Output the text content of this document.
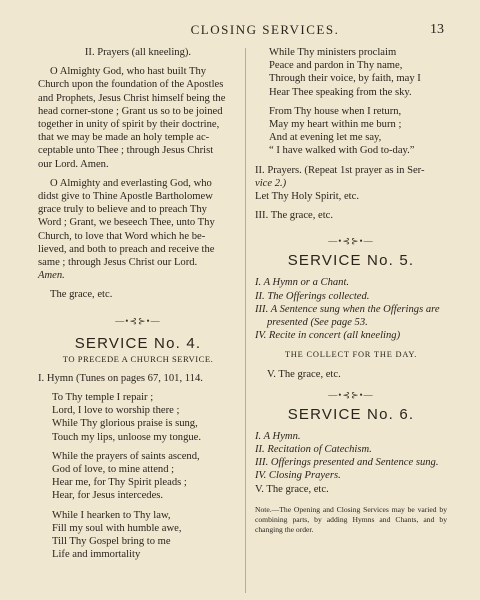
CLOSING SERVICES.	13
II. Prayers (all kneeling).
O Almighty God, who hast built Thy
Church upon the foundation of the Apostles
and Prophets, Jesus Christ himself being the
head corner-stone ; Grant us so to be joined
together in unity of spirit by their doctrine,
that we may be made an holy temple ac-
ceptable unto Thee ; through Jesus Christ
our Lord. Amen.
O Almighty and everlasting God, who
didst give to Thine Apostle Bartholomew
grace truly to believe and to preach Thy
Word ; Grant, we beseech Thee, unto Thy
Church, to love that Word which he be-
lieved, and both to preach and receive the
same ; through Jesus Christ our Lord.
Amen.
The grace, etc.
—•⊰⊱•—
SERVICE No. 4.
TO PRECEDE A CHURCH SERVICE.
I. Hymn (Tunes on pages 67, 101, 114.
To Thy temple I repair ;
Lord, I love to worship there ;
While Thy glorious praise is sung,
Touch my lips, unloose my tongue.
While the prayers of saints ascend,
God of love, to mine attend ;
Hear me, for Thy Spirit pleads ;
Hear, for Jesus intercedes.
While I hearken to Thy law,
Fill my soul with humble awe,
Till Thy Gospel bring to me
Life and immortality
While Thy ministers proclaim
Peace and pardon in Thy name,
Through their voice, by faith, may I
Hear Thee speaking from the sky.
From Thy house when I return,
May my heart within me burn ;
And at evening let me say,
“ I have walked with God to-day.”
II. Prayers. (Repeat 1st prayer as in Ser-
vice 2.)
Let Thy Holy Spirit, etc.
III. The grace, etc.
—•⊰⊱•—
SERVICE No. 5.
I. A Hymn or a Chant.
II. The Offerings collected.
III. A Sentence sung when the Offerings are
presented (See page 53.
IV. Recite in concert (all kneeling)
THE COLLECT FOR THE DAY.
V. The grace, etc.
—•⊰⊱•—
SERVICE No. 6.
I. A Hymn.
II. Recitation of Catechism.
III. Offerings presented and Sentence sung.
IV. Closing Prayers.
V. The grace, etc.
Note.—The Opening and Closing Services may be varied by combining parts, by adding Hymns and Chants, and by changing the order.
